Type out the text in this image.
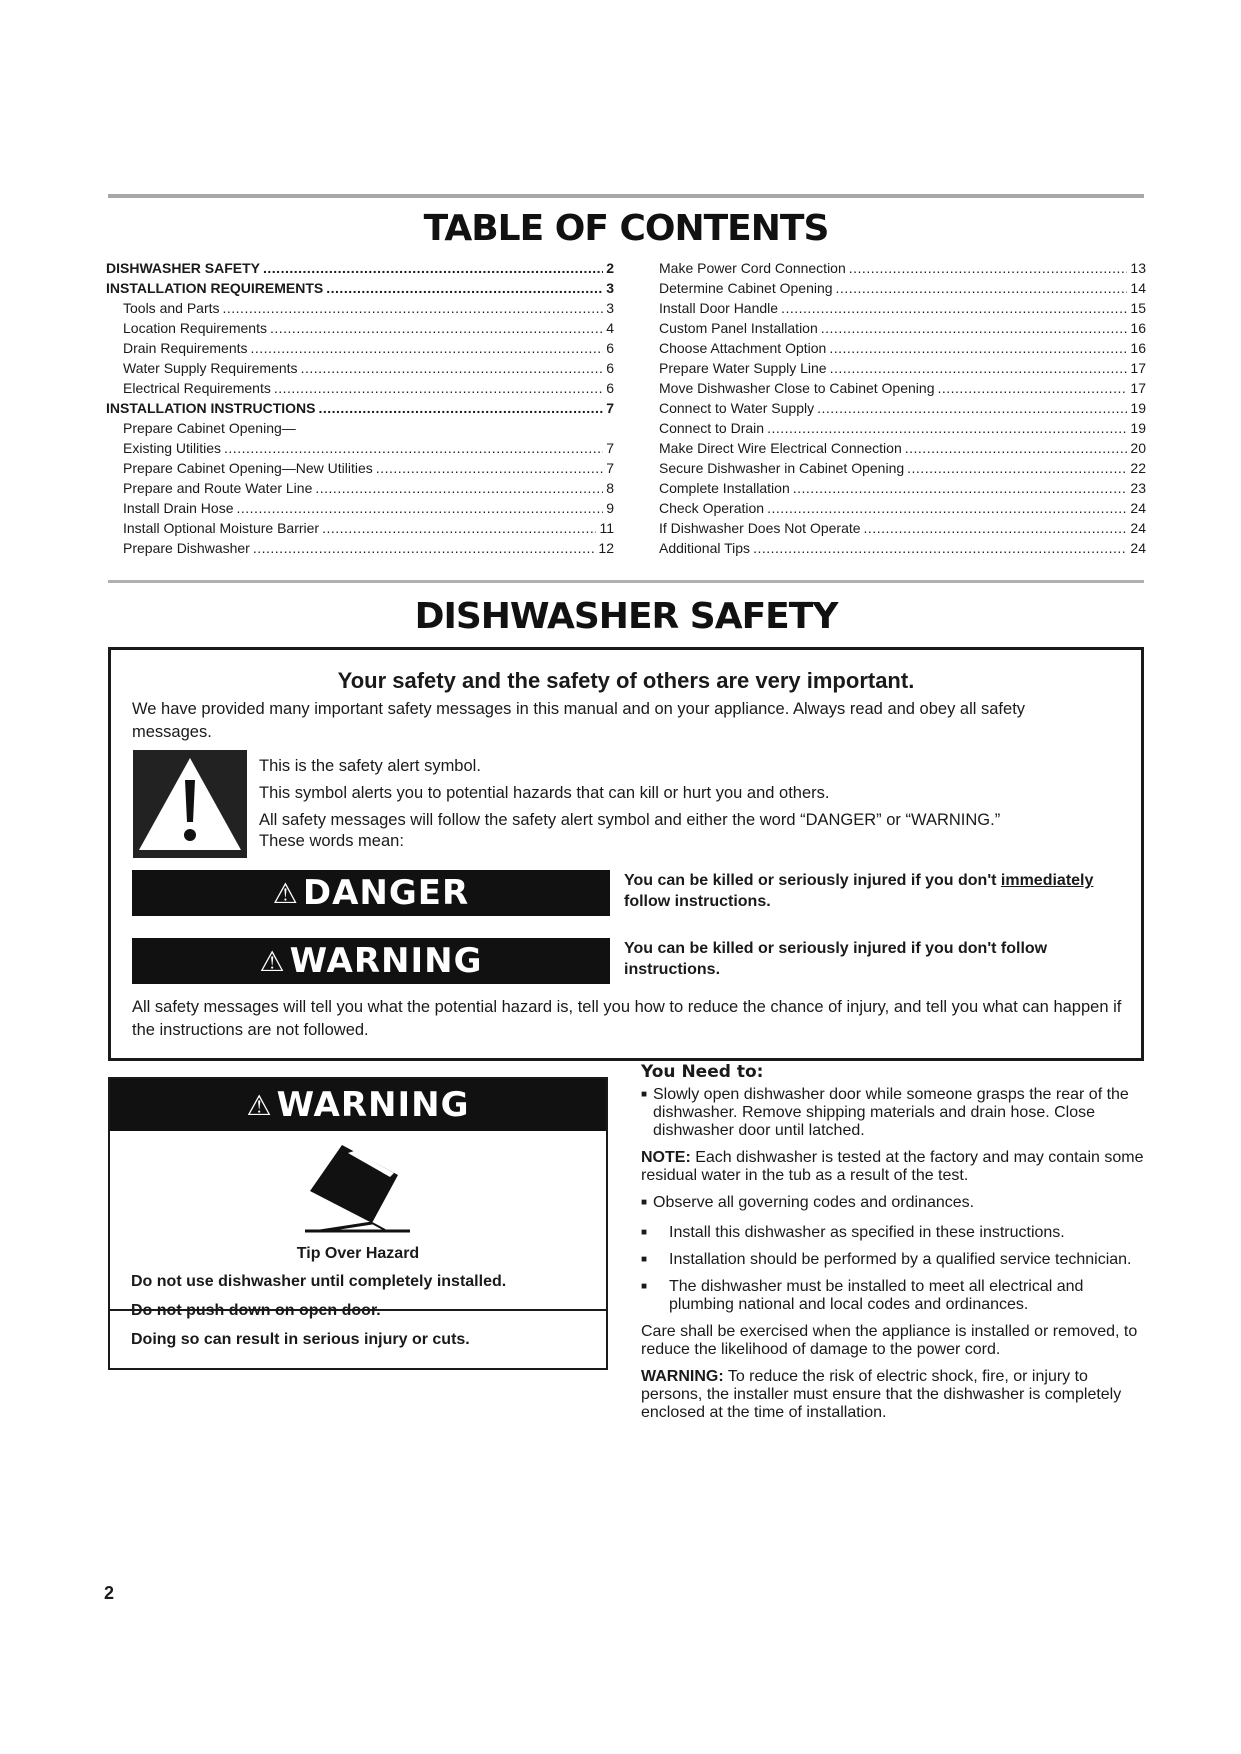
TABLE OF CONTENTS
DISHWASHER SAFETY .....	2
INSTALLATION REQUIREMENTS .....	3
Tools and Parts .....	3
Location Requirements .....	4
Drain Requirements .....	6
Water Supply Requirements .....	6
Electrical Requirements .....	6
INSTALLATION INSTRUCTIONS .....	7
Prepare Cabinet Opening—
Existing Utilities .....	7
Prepare Cabinet Opening—New Utilities .....	7
Prepare and Route Water Line .....	8
Install Drain Hose .....	9
Install Optional Moisture Barrier .....	11
Prepare Dishwasher .....	12
Make Power Cord Connection .....	13
Determine Cabinet Opening .....	14
Install Door Handle .....	15
Custom Panel Installation .....	16
Choose Attachment Option .....	16
Prepare Water Supply Line .....	17
Move Dishwasher Close to Cabinet Opening .....	17
Connect to Water Supply .....	19
Connect to Drain .....	19
Make Direct Wire Electrical Connection .....	20
Secure Dishwasher in Cabinet Opening .....	22
Complete Installation .....	23
Check Operation .....	24
If Dishwasher Does Not Operate .....	24
Additional Tips .....	24
DISHWASHER SAFETY
Your safety and the safety of others are very important.
We have provided many important safety messages in this manual and on your appliance. Always read and obey all safety messages.

This is the safety alert symbol.

This symbol alerts you to potential hazards that can kill or hurt you and others.

All safety messages will follow the safety alert symbol and either the word “DANGER” or “WARNING.”

These words mean:

⚠ DANGER	You can be killed or seriously injured if you don't immediately follow instructions.
⚠ WARNING	You can be killed or seriously injured if you don't follow instructions.
All safety messages will tell you what the potential hazard is, tell you how to reduce the chance of injury, and tell you what can happen if the instructions are not followed.
⚠ WARNING
Tip Over Hazard

Do not use dishwasher until completely installed.

Do not push down on open door.

Doing so can result in serious injury or cuts.

You Need to:
■ Slowly open dishwasher door while someone grasps the rear of the dishwasher. Remove shipping materials and drain hose. Close dishwasher door until latched.
NOTE: Each dishwasher is tested at the factory and may contain some residual water in the tub as a result of the test.
■ Observe all governing codes and ordinances.
■	Install this dishwasher as specified in these instructions.
■	Installation should be performed by a qualified service technician.
■	The dishwasher must be installed to meet all electrical and plumbing national and local codes and ordinances.
Care shall be exercised when the appliance is installed or removed, to reduce the likelihood of damage to the power cord.
WARNING: To reduce the risk of electric shock, fire, or injury to persons, the installer must ensure that the dishwasher is completely enclosed at the time of installation.
2
